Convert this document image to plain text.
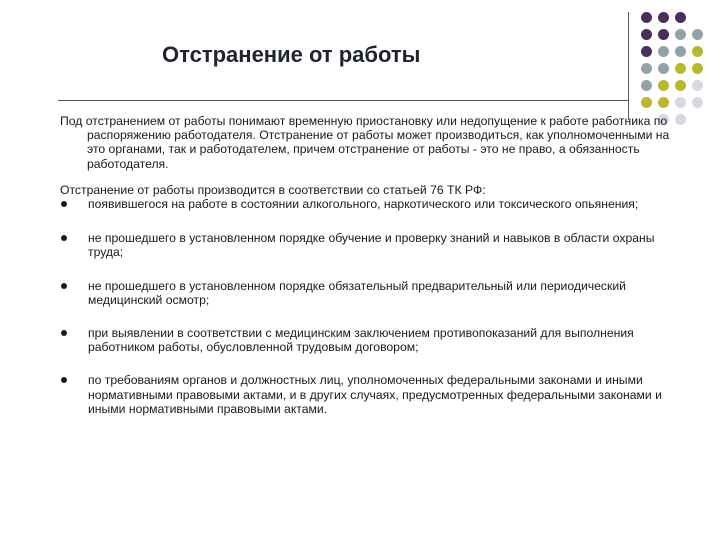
Отстранение от работы

Под отстранением от работы понимают временную приостановку или недопущение к работе работника по распоряжению работодателя. Отстранение от работы может производиться, как уполномоченными на это органами, так и работодателем, причем отстранение от работы - это не право, а обязанность работодателя.

Отстранение от работы производится в соответствии со статьей 76 ТК РФ:

появившегося на работе в состоянии алкогольного, наркотического или токсического опьянения;
не прошедшего в установленном порядке обучение и проверку знаний и навыков в области охраны труда;
не прошедшего в установленном порядке обязательный предварительный или периодический медицинский осмотр;
при выявлении в соответствии с медицинским заключением противопоказаний для выполнения работником работы, обусловленной трудовым договором;
по требованиям органов и должностных лиц, уполномоченных федеральными законами и иными нормативными правовыми актами, и в других случаях, предусмотренных федеральными законами и иными нормативными правовыми актами.
